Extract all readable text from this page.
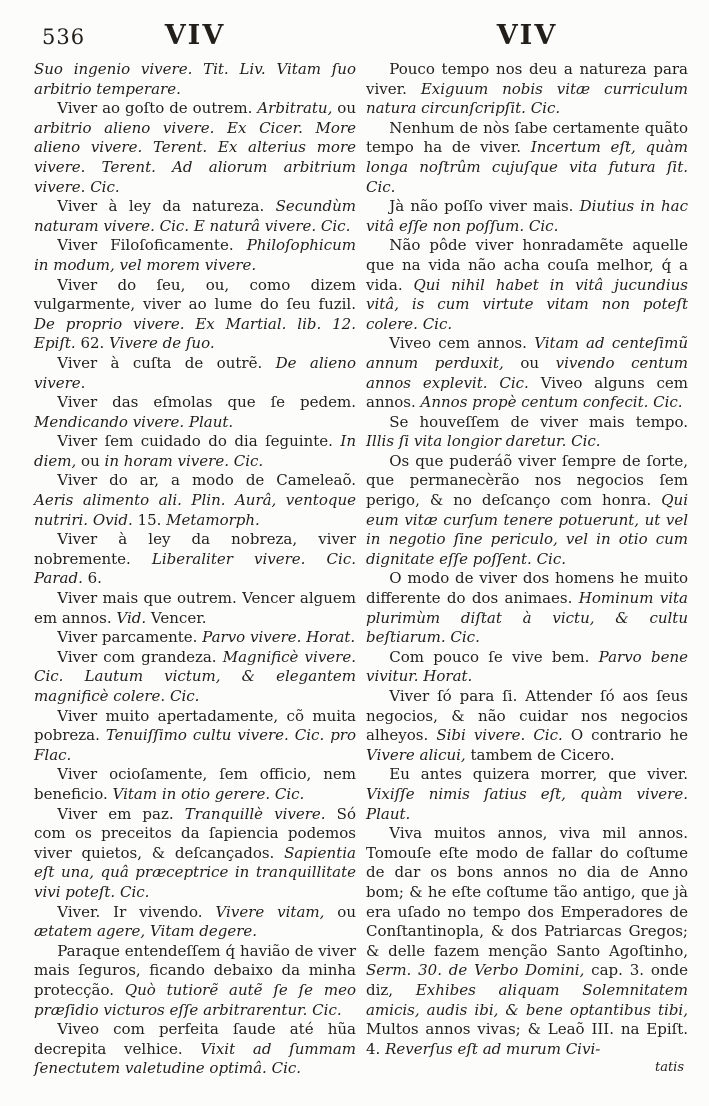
536	VIV	VIV

Suo ingenio vivere. Tit. Liv. Vitam ſuo arbitrio temperare.

Viver ao goſto de outrem. Arbitratu, ou arbitrio alieno vivere. Ex Cicer. More alieno vivere. Terent. Ex alterius more vivere. Terent. Ad aliorum arbitrium vivere. Cic.

Viver à ley da natureza. Secundùm naturam vivere. Cic. E naturâ vivere. Cic.

Viver Filoſoficamente. Philoſophicum in modum, vel morem vivere.

Viver do ſeu, ou, como dizem vulgarmente, viver ao lume do ſeu fuzil. De proprio vivere. Ex Martial. lib. 12. Epiſt. 62. Vivere de ſuo.

Viver à cuſta de outrẽ. De alieno vivere.

Viver das eſmolas que ſe pedem. Mendicando vivere. Plaut.

Viver ſem cuidado do dia ſeguinte. In diem, ou in horam vivere. Cic.

Viver do ar, a modo de Cameleaõ. Aeris alimento ali. Plin. Aurâ, ventoque nutriri. Ovid. 15. Metamorph.

Viver à ley da nobreza, viver nobremente. Liberaliter vivere. Cic. Parad. 6.

Viver mais que outrem. Vencer alguem em annos. Vid. Vencer.

Viver parcamente. Parvo vivere. Horat.

Viver com grandeza. Magnificè vivere. Cic. Lautum victum, & elegantem magnificè colere. Cic.

Viver muito apertadamente, cõ muita pobreza. Tenuiſſimo cultu vivere. Cic. pro Flac.

Viver ocioſamente, ſem officio, nem beneficio. Vitam in otio gerere. Cic.

Viver em paz. Tranquillè vivere. Só com os preceitos da ſapiencia podemos viver quietos, & deſcançados. Sapientia eſt una, quâ præceptrice in tranquillitate vivi poteſt. Cic.

Viver. Ir vivendo. Vivere vitam, ou ætatem agere, Vitam degere.

Paraque entendeſſem q́ havião de viver mais ſeguros, ficando debaixo da minha protecção. Quò tutiorẽ autẽ ſe ſe meo præſidio victuros eſſe arbitrarentur. Cic.

Viveo com perfeita ſaude até hũa decrepita velhice. Vixit ad ſummam ſenectutem valetudine optimâ. Cic.

Pouco tempo nos deu a natureza para viver. Exiguum nobis vitæ curriculum natura circunſcripſit. Cic.

Nenhum de nòs ſabe certamente quãto tempo ha de viver. Incertum eſt, quàm longa noſtrûm cujuſque vita futura ſit. Cic.

Jà não poſſo viver mais. Diutius in hac vitâ eſſe non poſſum. Cic.

Não pôde viver honradamẽte aquelle que na vida não acha couſa melhor, q́ a vida. Qui nihil habet in vitâ jucundius vitâ, is cum virtute vitam non poteſt colere. Cic.

Viveo cem annos. Vitam ad centeſimũ annum perduxit, ou vivendo centum annos explevit. Cic. Viveo alguns cem annos. Annos propè centum confecit. Cic.

Se houveſſem de viver mais tempo. Illis ſi vita longior daretur. Cic.

Os que puderáõ viver ſempre de ſorte, que permanecèrão nos negocios ſem perigo, & no deſcanço com honra. Qui eum vitæ curſum tenere potuerunt, ut vel in negotio ſine periculo, vel in otio cum dignitate eſſe poſſent. Cic.

O modo de viver dos homens he muito differente do dos animaes. Hominum vita plurimùm diſtat à victu, & cultu beſtiarum. Cic.

Com pouco ſe vive bem. Parvo bene vivitur. Horat.

Viver ſó para ſi. Attender ſó aos ſeus negocios, & não cuidar nos negocios alheyos. Sibi vivere. Cic. O contrario he Vivere alicui, tambem de Cicero.

Eu antes quizera morrer, que viver. Vixiſſe nimis ſatius eſt, quàm vivere. Plaut.

Viva muitos annos, viva mil annos. Tomouſe eſte modo de fallar do coſtume de dar os bons annos no dia de Anno bom; & he eſte coſtume tão antigo, que jà era uſado no tempo dos Emperadores de Conſtantinopla, & dos Patriarcas Gregos; & delle fazem menção Santo Agoſtinho, Serm. 30. de Verbo Domini, cap. 3. onde diz, Exhibes aliquam Solemnitatem amicis, audis ibi, & bene optantibus tibi, Multos annos vivas; & Leaõ III. na Epiſt. 4. Reverſus eſt ad murum Civi-

tatis
